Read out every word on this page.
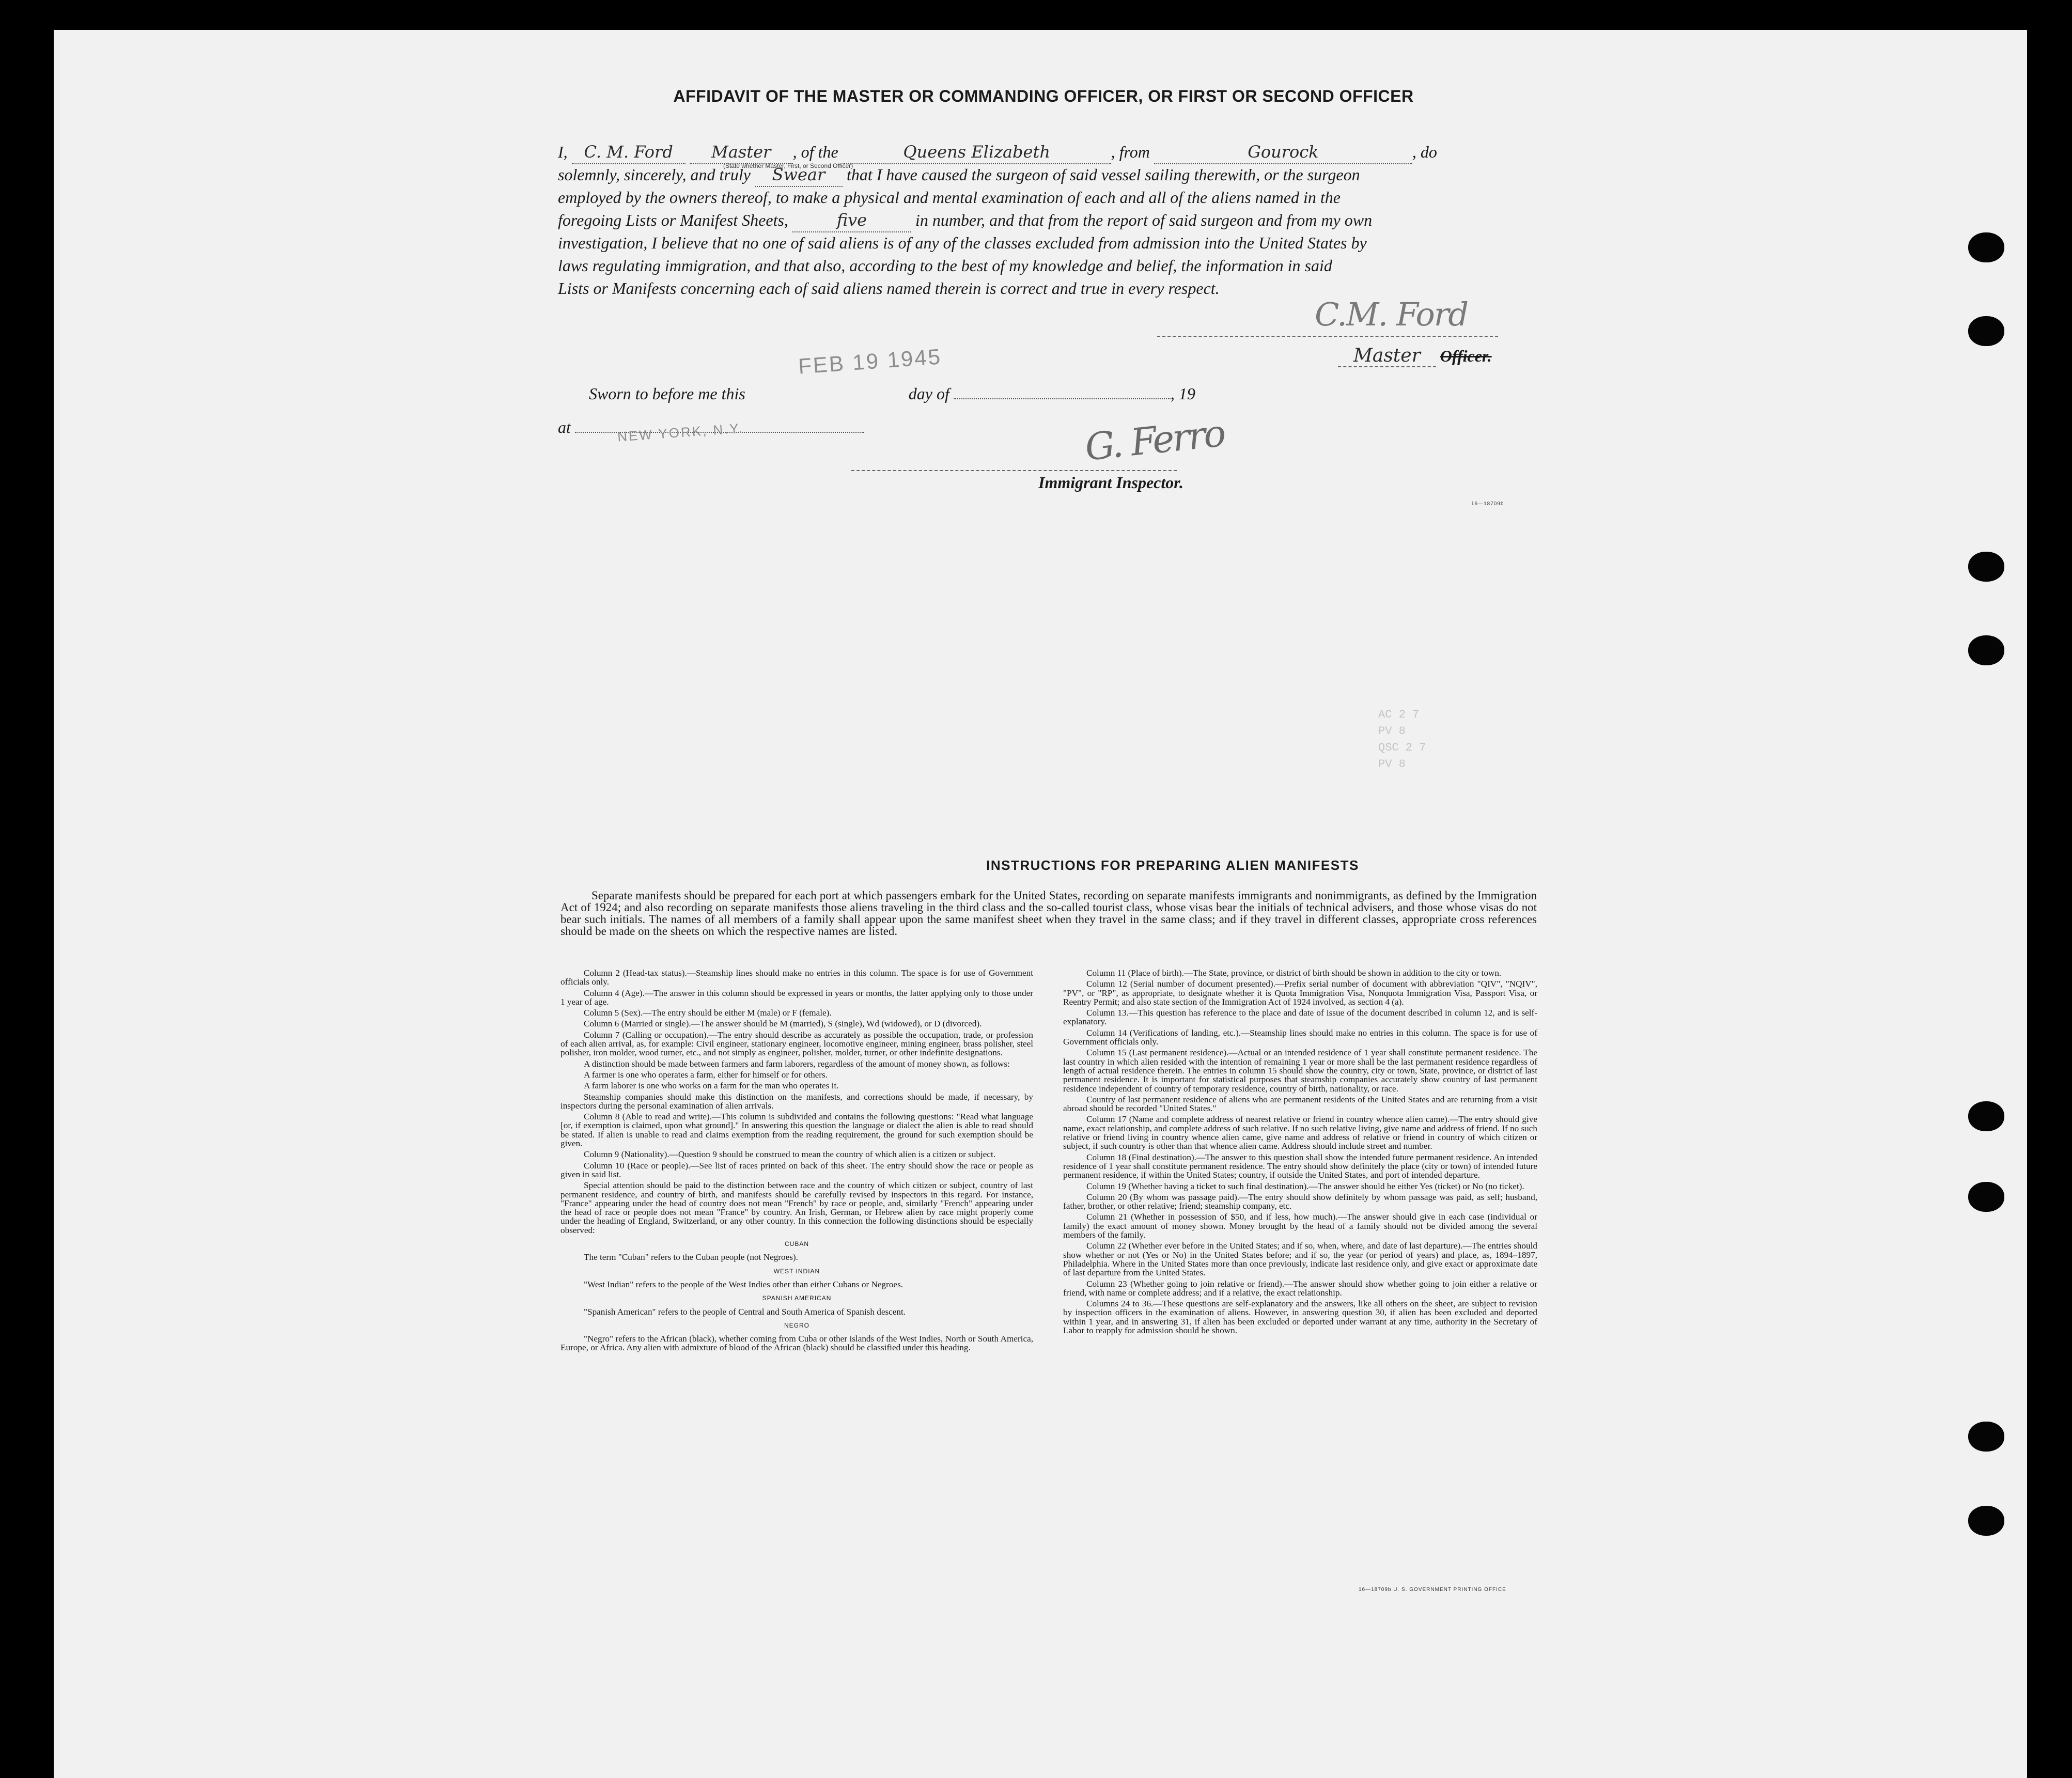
AFFIDAVIT OF THE MASTER OR COMMANDING OFFICER, OR FIRST OR SECOND OFFICER
I, C. M. Ford Master , of the	Queens Elizabeth	, from	Gourock	, do
(State whether Master, First, or Second Officer)
solemnly, sincerely, and truly Swear that I have caused the surgeon of said vessel sailing therewith, or the surgeon
employed by the owners thereof, to make a physical and mental examination of each and all of the aliens named in the
foregoing Lists or Manifest Sheets,	five	in number, and that from the report of said surgeon and from my own
investigation, I believe that no one of said aliens is of any of the classes excluded from admission into the United States by
laws regulating immigration, and that also, according to the best of my knowledge and belief, the information in said
Lists or Manifests concerning each of said aliens named therein is correct and true in every respect.
C.M. Ford
Master Officer.
Sworn to before me this	day of	, 19
FEB 19 1945
at	NEW YORK, N.Y.	G. Ferro
Immigrant Inspector.
16—18709b
AC 2 7
PV 8
QSC 2 7
PV 8
INSTRUCTIONS FOR PREPARING ALIEN MANIFESTS

Separate manifests should be prepared for each port at which passengers embark for the United States, recording on separate manifests immigrants and nonimmigrants, as defined by the Immigration Act of 1924; and also recording on separate manifests those aliens traveling in the third class and the so-called tourist class, whose visas bear the initials of technical advisers, and those whose visas do not bear such initials. The names of all members of a family shall appear upon the same manifest sheet when they travel in the same class; and if they travel in different classes, appropriate cross references should be made on the sheets on which the respective names are listed.

Column 2 (Head-tax status).—Steamship lines should make no entries in this column. The space is for use of Government officials only.

Column 4 (Age).—The answer in this column should be expressed in years or months, the latter applying only to those under 1 year of age.

Column 5 (Sex).—The entry should be either M (male) or F (female).

Column 6 (Married or single).—The answer should be M (married), S (single), Wd (widowed), or D (divorced).

Column 7 (Calling or occupation).—The entry should describe as accurately as possible the occupation, trade, or profession of each alien arrival, as, for example: Civil engineer, stationary engineer, locomotive engineer, mining engineer, brass polisher, steel polisher, iron molder, wood turner, etc., and not simply as engineer, polisher, molder, turner, or other indefinite designations.

A distinction should be made between farmers and farm laborers, regardless of the amount of money shown, as follows:

A farmer is one who operates a farm, either for himself or for others.

A farm laborer is one who works on a farm for the man who operates it.

Steamship companies should make this distinction on the manifests, and corrections should be made, if necessary, by inspectors during the personal examination of alien arrivals.

Column 8 (Able to read and write).—This column is subdivided and contains the following questions: "Read what language [or, if exemption is claimed, upon what ground]." In answering this question the language or dialect the alien is able to read should be stated. If alien is unable to read and claims exemption from the reading requirement, the ground for such exemption should be given.

Column 9 (Nationality).—Question 9 should be construed to mean the country of which alien is a citizen or subject.

Column 10 (Race or people).—See list of races printed on back of this sheet. The entry should show the race or people as given in said list.

Special attention should be paid to the distinction between race and the country of which citizen or subject, country of last permanent residence, and country of birth, and manifests should be carefully revised by inspectors in this regard. For instance, "France" appearing under the head of country does not mean "French" by race or people, and, similarly "French" appearing under the head of race or people does not mean "France" by country. An Irish, German, or Hebrew alien by race might properly come under the heading of England, Switzerland, or any other country. In this connection the following distinctions should be especially observed:

CUBAN

The term "Cuban" refers to the Cuban people (not Negroes).

WEST INDIAN

"West Indian" refers to the people of the West Indies other than either Cubans or Negroes.

SPANISH AMERICAN

"Spanish American" refers to the people of Central and South America of Spanish descent.

NEGRO

"Negro" refers to the African (black), whether coming from Cuba or other islands of the West Indies, North or South America, Europe, or Africa. Any alien with admixture of blood of the African (black) should be classified under this heading.

Column 11 (Place of birth).—The State, province, or district of birth should be shown in addition to the city or town.

Column 12 (Serial number of document presented).—Prefix serial number of document with abbreviation "QIV", "NQIV", "PV", or "RP", as appropriate, to designate whether it is Quota Immigration Visa, Nonquota Immigration Visa, Passport Visa, or Reentry Permit; and also state section of the Immigration Act of 1924 involved, as section 4 (a).

Column 13.—This question has reference to the place and date of issue of the document described in column 12, and is self-explanatory.

Column 14 (Verifications of landing, etc.).—Steamship lines should make no entries in this column. The space is for use of Government officials only.

Column 15 (Last permanent residence).—Actual or an intended residence of 1 year shall constitute permanent residence. The last country in which alien resided with the intention of remaining 1 year or more shall be the last permanent residence regardless of length of actual residence therein. The entries in column 15 should show the country, city or town, State, province, or district of last permanent residence. It is important for statistical purposes that steamship companies accurately show country of last permanent residence independent of country of temporary residence, country of birth, nationality, or race.

Country of last permanent residence of aliens who are permanent residents of the United States and are returning from a visit abroad should be recorded "United States."

Column 17 (Name and complete address of nearest relative or friend in country whence alien came).—The entry should give name, exact relationship, and complete address of such relative. If no such relative living, give name and address of friend. If no such relative or friend living in country whence alien came, give name and address of relative or friend in country of which citizen or subject, if such country is other than that whence alien came. Address should include street and number.

Column 18 (Final destination).—The answer to this question shall show the intended future permanent residence. An intended residence of 1 year shall constitute permanent residence. The entry should show definitely the place (city or town) of intended future permanent residence, if within the United States; country, if outside the United States, and port of intended departure.

Column 19 (Whether having a ticket to such final destination).—The answer should be either Yes (ticket) or No (no ticket).

Column 20 (By whom was passage paid).—The entry should show definitely by whom passage was paid, as self; husband, father, brother, or other relative; friend; steamship company, etc.

Column 21 (Whether in possession of $50, and if less, how much).—The answer should give in each case (individual or family) the exact amount of money shown. Money brought by the head of a family should not be divided among the several members of the family.

Column 22 (Whether ever before in the United States; and if so, when, where, and date of last departure).—The entries should show whether or not (Yes or No) in the United States before; and if so, the year (or period of years) and place, as, 1894–1897, Philadelphia. Where in the United States more than once previously, indicate last residence only, and give exact or approximate date of last departure from the United States.

Column 23 (Whether going to join relative or friend).—The answer should show whether going to join either a relative or friend, with name or complete address; and if a relative, the exact relationship.

Columns 24 to 36.—These questions are self-explanatory and the answers, like all others on the sheet, are subject to revision by inspection officers in the examination of aliens. However, in answering question 30, if alien has been excluded and deported within 1 year, and in answering 31, if alien has been excluded or deported under warrant at any time, authority in the Secretary of Labor to reapply for admission should be shown.

16—18709b U. S. GOVERNMENT PRINTING OFFICE
